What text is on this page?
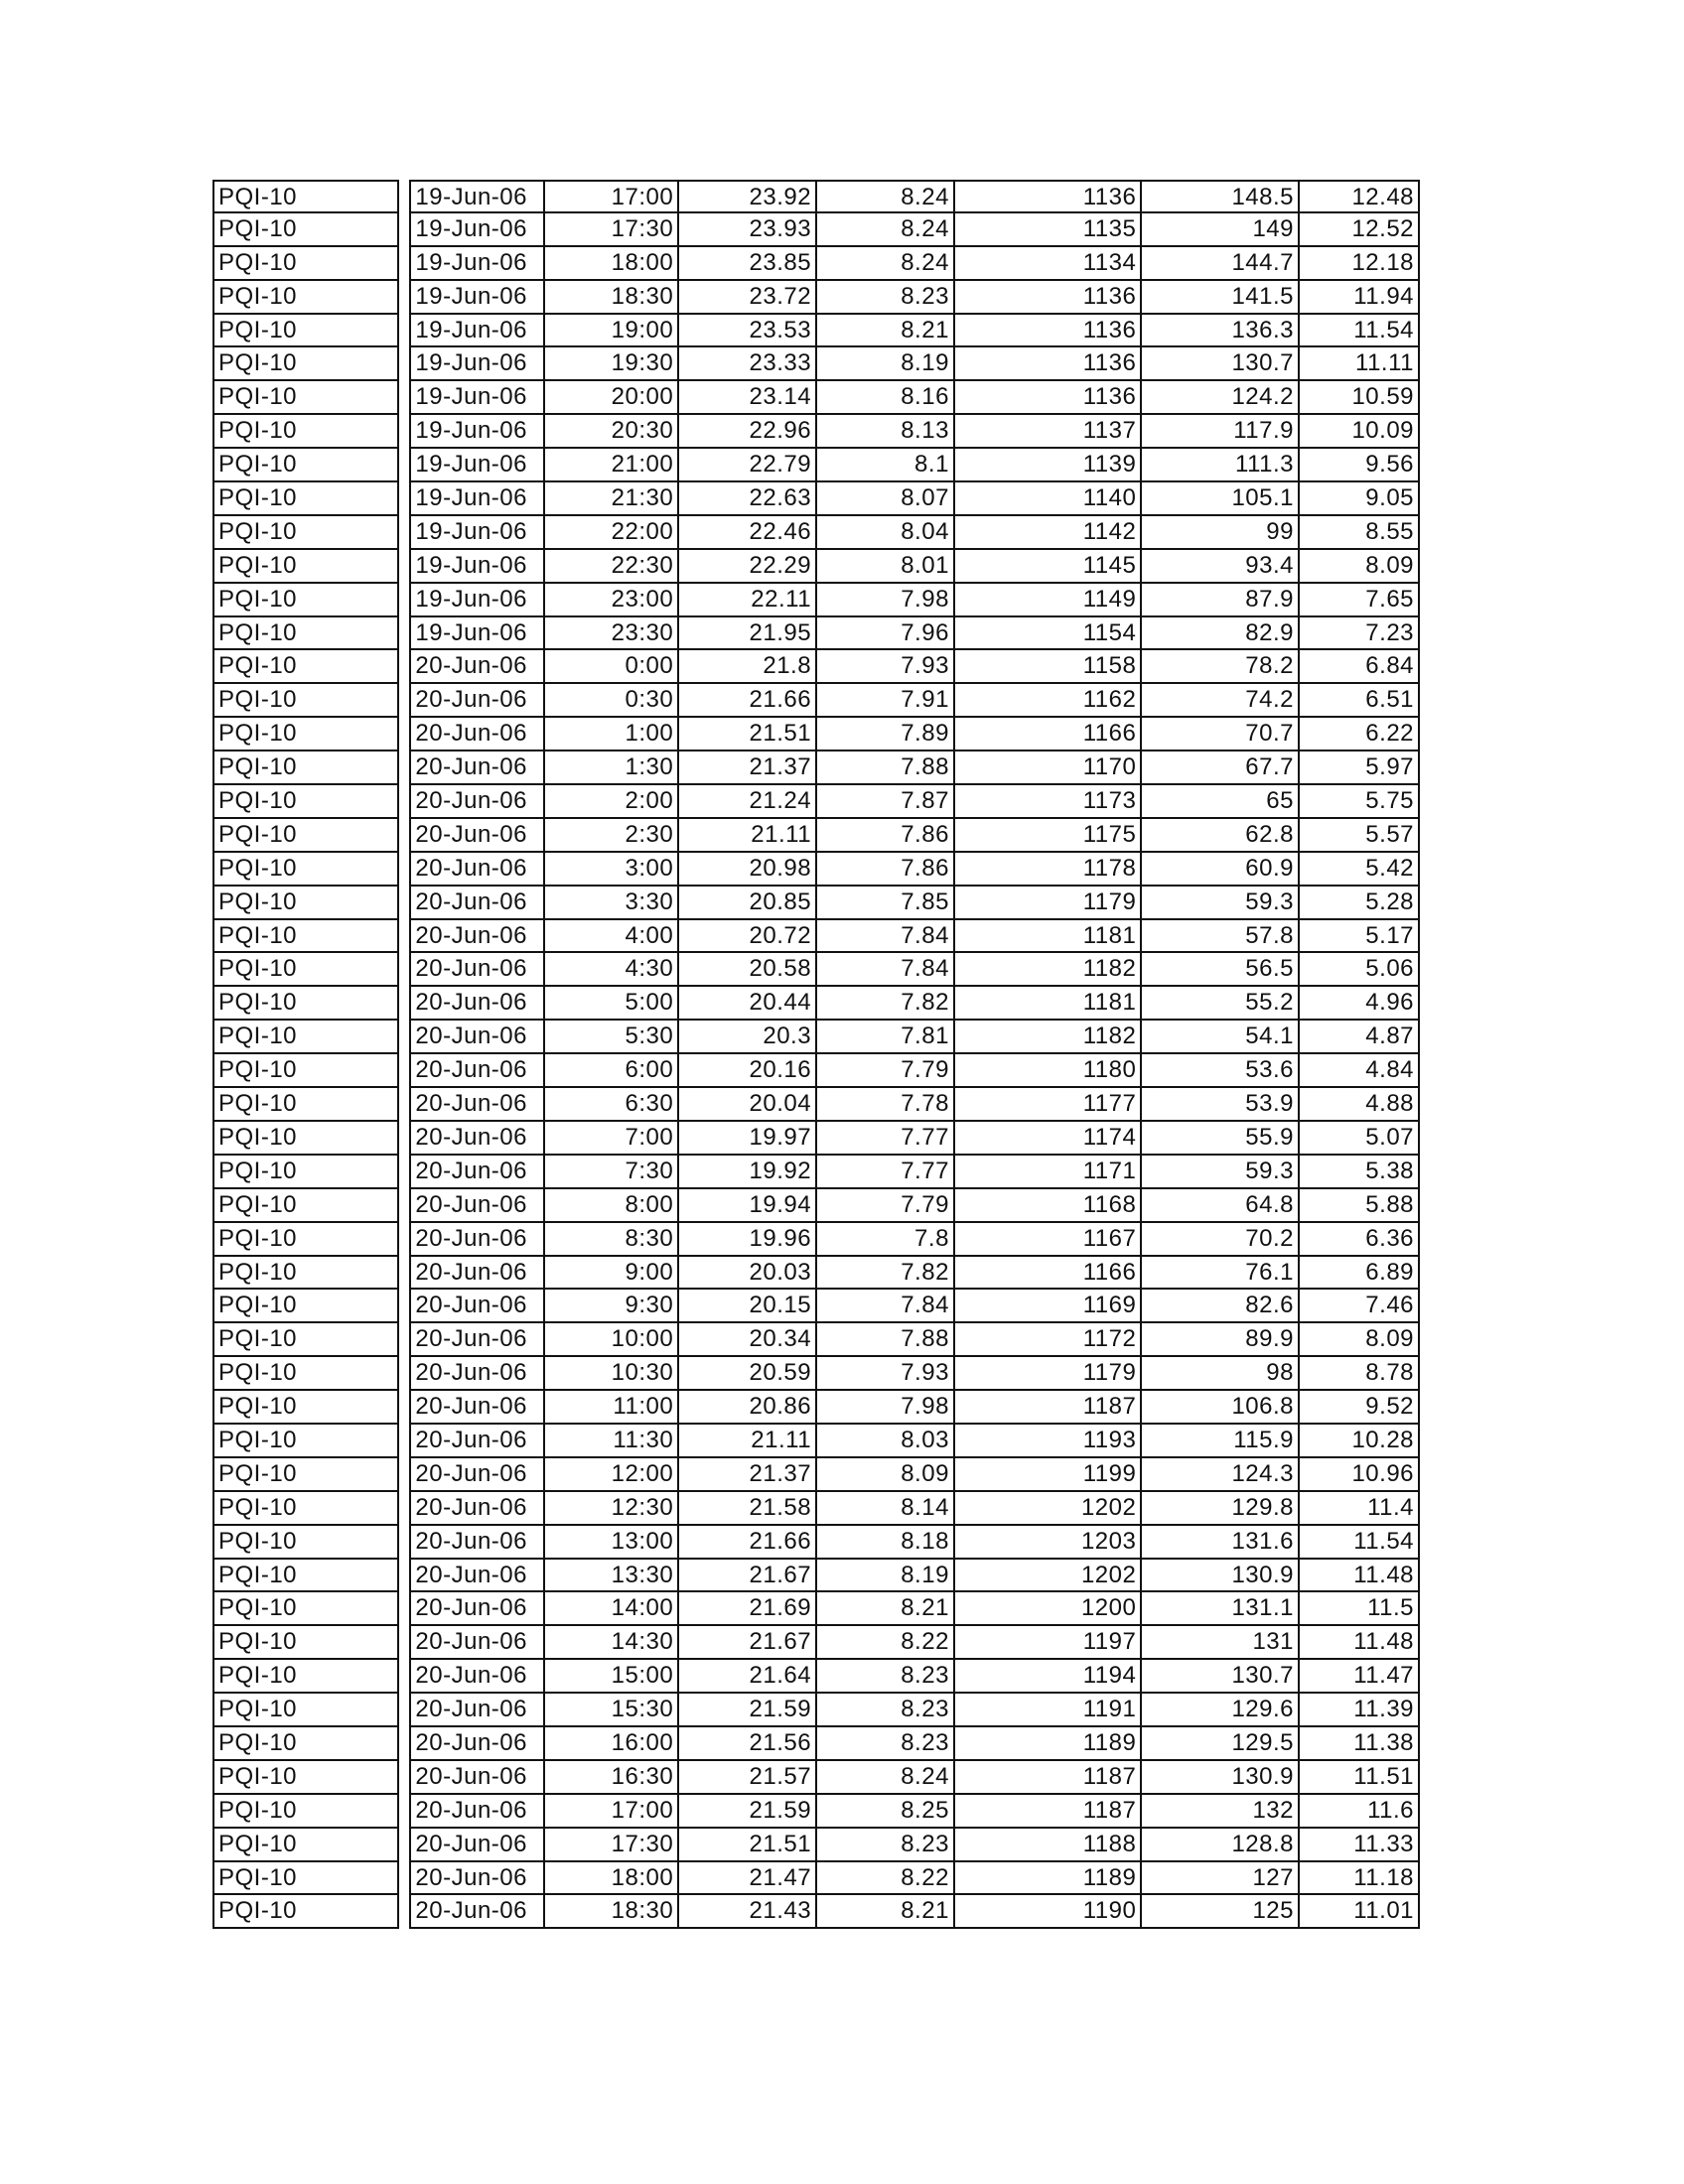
PQI-10	19-Jun-06	17:00	23.92	8.24	1136	148.5	12.48
PQI-10	19-Jun-06	17:30	23.93	8.24	1135	149	12.52
PQI-10	19-Jun-06	18:00	23.85	8.24	1134	144.7	12.18
PQI-10	19-Jun-06	18:30	23.72	8.23	1136	141.5	11.94
PQI-10	19-Jun-06	19:00	23.53	8.21	1136	136.3	11.54
PQI-10	19-Jun-06	19:30	23.33	8.19	1136	130.7	11.11
PQI-10	19-Jun-06	20:00	23.14	8.16	1136	124.2	10.59
PQI-10	19-Jun-06	20:30	22.96	8.13	1137	117.9	10.09
PQI-10	19-Jun-06	21:00	22.79	8.1	1139	111.3	9.56
PQI-10	19-Jun-06	21:30	22.63	8.07	1140	105.1	9.05
PQI-10	19-Jun-06	22:00	22.46	8.04	1142	99	8.55
PQI-10	19-Jun-06	22:30	22.29	8.01	1145	93.4	8.09
PQI-10	19-Jun-06	23:00	22.11	7.98	1149	87.9	7.65
PQI-10	19-Jun-06	23:30	21.95	7.96	1154	82.9	7.23
PQI-10	20-Jun-06	0:00	21.8	7.93	1158	78.2	6.84
PQI-10	20-Jun-06	0:30	21.66	7.91	1162	74.2	6.51
PQI-10	20-Jun-06	1:00	21.51	7.89	1166	70.7	6.22
PQI-10	20-Jun-06	1:30	21.37	7.88	1170	67.7	5.97
PQI-10	20-Jun-06	2:00	21.24	7.87	1173	65	5.75
PQI-10	20-Jun-06	2:30	21.11	7.86	1175	62.8	5.57
PQI-10	20-Jun-06	3:00	20.98	7.86	1178	60.9	5.42
PQI-10	20-Jun-06	3:30	20.85	7.85	1179	59.3	5.28
PQI-10	20-Jun-06	4:00	20.72	7.84	1181	57.8	5.17
PQI-10	20-Jun-06	4:30	20.58	7.84	1182	56.5	5.06
PQI-10	20-Jun-06	5:00	20.44	7.82	1181	55.2	4.96
PQI-10	20-Jun-06	5:30	20.3	7.81	1182	54.1	4.87
PQI-10	20-Jun-06	6:00	20.16	7.79	1180	53.6	4.84
PQI-10	20-Jun-06	6:30	20.04	7.78	1177	53.9	4.88
PQI-10	20-Jun-06	7:00	19.97	7.77	1174	55.9	5.07
PQI-10	20-Jun-06	7:30	19.92	7.77	1171	59.3	5.38
PQI-10	20-Jun-06	8:00	19.94	7.79	1168	64.8	5.88
PQI-10	20-Jun-06	8:30	19.96	7.8	1167	70.2	6.36
PQI-10	20-Jun-06	9:00	20.03	7.82	1166	76.1	6.89
PQI-10	20-Jun-06	9:30	20.15	7.84	1169	82.6	7.46
PQI-10	20-Jun-06	10:00	20.34	7.88	1172	89.9	8.09
PQI-10	20-Jun-06	10:30	20.59	7.93	1179	98	8.78
PQI-10	20-Jun-06	11:00	20.86	7.98	1187	106.8	9.52
PQI-10	20-Jun-06	11:30	21.11	8.03	1193	115.9	10.28
PQI-10	20-Jun-06	12:00	21.37	8.09	1199	124.3	10.96
PQI-10	20-Jun-06	12:30	21.58	8.14	1202	129.8	11.4
PQI-10	20-Jun-06	13:00	21.66	8.18	1203	131.6	11.54
PQI-10	20-Jun-06	13:30	21.67	8.19	1202	130.9	11.48
PQI-10	20-Jun-06	14:00	21.69	8.21	1200	131.1	11.5
PQI-10	20-Jun-06	14:30	21.67	8.22	1197	131	11.48
PQI-10	20-Jun-06	15:00	21.64	8.23	1194	130.7	11.47
PQI-10	20-Jun-06	15:30	21.59	8.23	1191	129.6	11.39
PQI-10	20-Jun-06	16:00	21.56	8.23	1189	129.5	11.38
PQI-10	20-Jun-06	16:30	21.57	8.24	1187	130.9	11.51
PQI-10	20-Jun-06	17:00	21.59	8.25	1187	132	11.6
PQI-10	20-Jun-06	17:30	21.51	8.23	1188	128.8	11.33
PQI-10	20-Jun-06	18:00	21.47	8.22	1189	127	11.18
PQI-10	20-Jun-06	18:30	21.43	8.21	1190	125	11.01
